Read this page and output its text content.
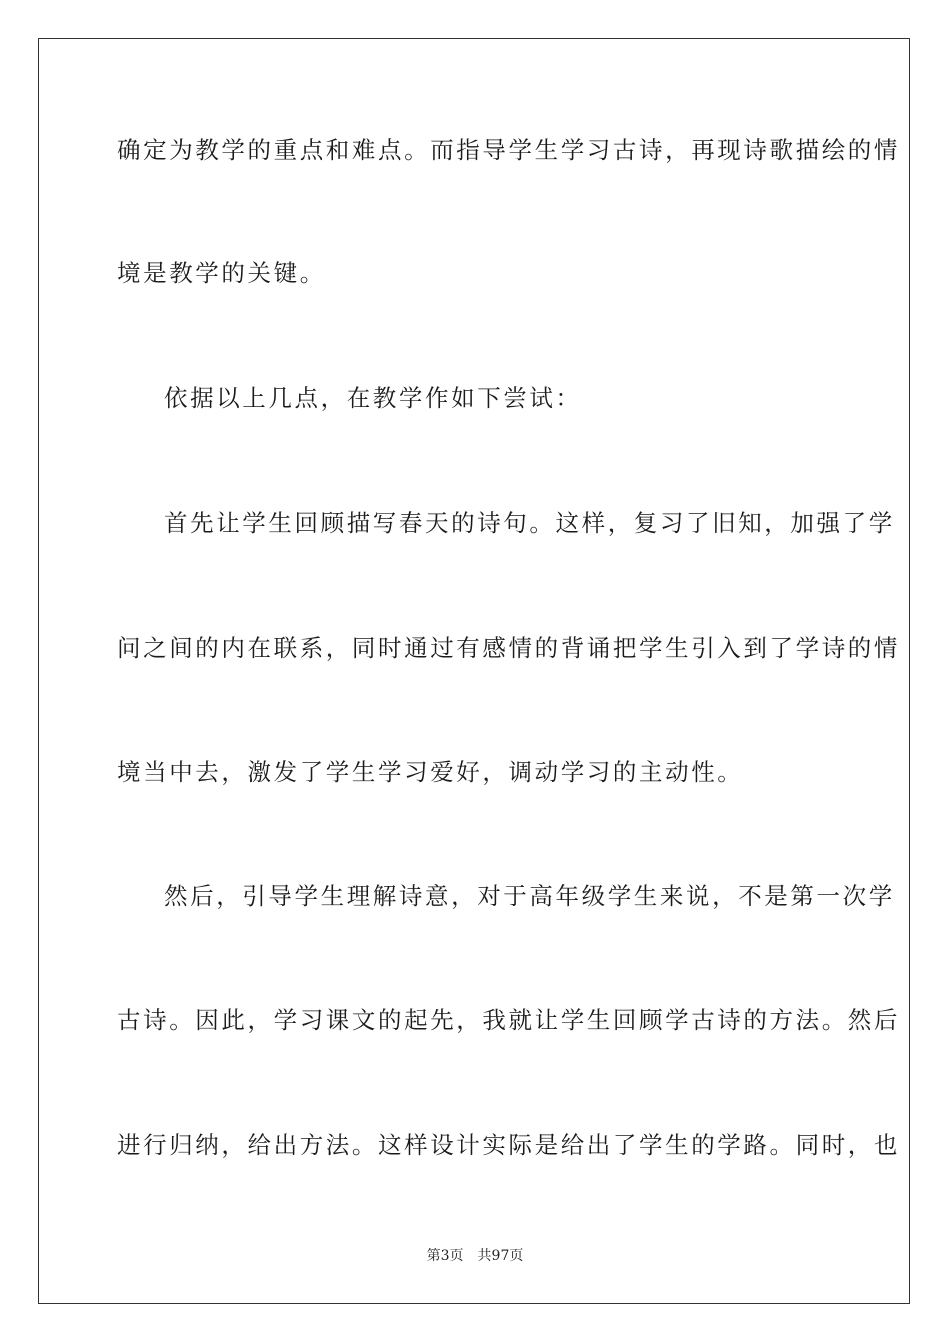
确定为教学的重点和难点。而指导学生学习古诗，再现诗歌描绘的情
境是教学的关键。
依据以上几点，在教学作如下尝试：
首先让学生回顾描写春天的诗句。这样，复习了旧知，加强了学
问之间的内在联系，同时通过有感情的背诵把学生引入到了学诗的情
境当中去，激发了学生学习爱好，调动学习的主动性。
然后，引导学生理解诗意，对于高年级学生来说，不是第一次学
古诗。因此，学习课文的起先，我就让学生回顾学古诗的方法。然后
进行归纳，给出方法。这样设计实际是给出了学生的学路。同时，也
第3页 共97页
